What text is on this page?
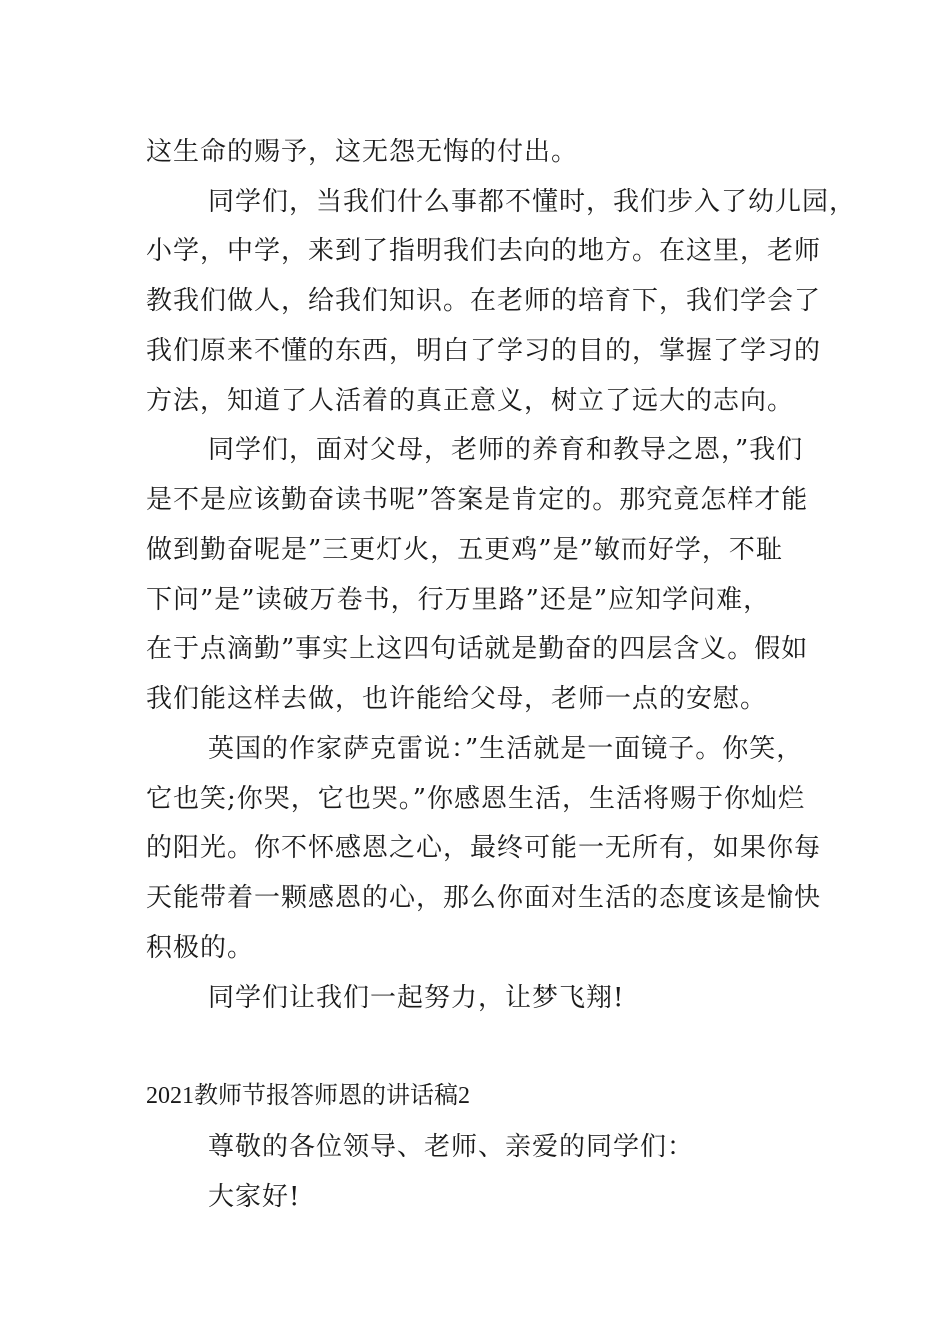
这生命的赐予，这无怨无悔的付出。
同学们，当我们什么事都不懂时，我们步入了幼儿园，
小学，中学，来到了指明我们去向的地方。在这里，老师
教我们做人，给我们知识。在老师的培育下，我们学会了
我们原来不懂的东西，明白了学习的目的，掌握了学习的
方法，知道了人活着的真正意义，树立了远大的志向。
同学们，面对父母，老师的养育和教导之恩，”我们
是不是应该勤奋读书呢”答案是肯定的。那究竟怎样才能
做到勤奋呢是”三更灯火，五更鸡”是”敏而好学，不耻
下问”是”读破万卷书，行万里路”还是”应知学问难，
在于点滴勤”事实上这四句话就是勤奋的四层含义。假如
我们能这样去做，也许能给父母，老师一点的安慰。
英国的作家萨克雷说：”生活就是一面镜子。你笑，
它也笑;你哭，它也哭。”你感恩生活，生活将赐于你灿烂
的阳光。你不怀感恩之心，最终可能一无所有，如果你每
天能带着一颗感恩的心，那么你面对生活的态度该是愉快
积极的。
同学们让我们一起努力，让梦飞翔!
2021教师节报答师恩的讲话稿2
尊敬的各位领导、老师、亲爱的同学们：
大家好!
